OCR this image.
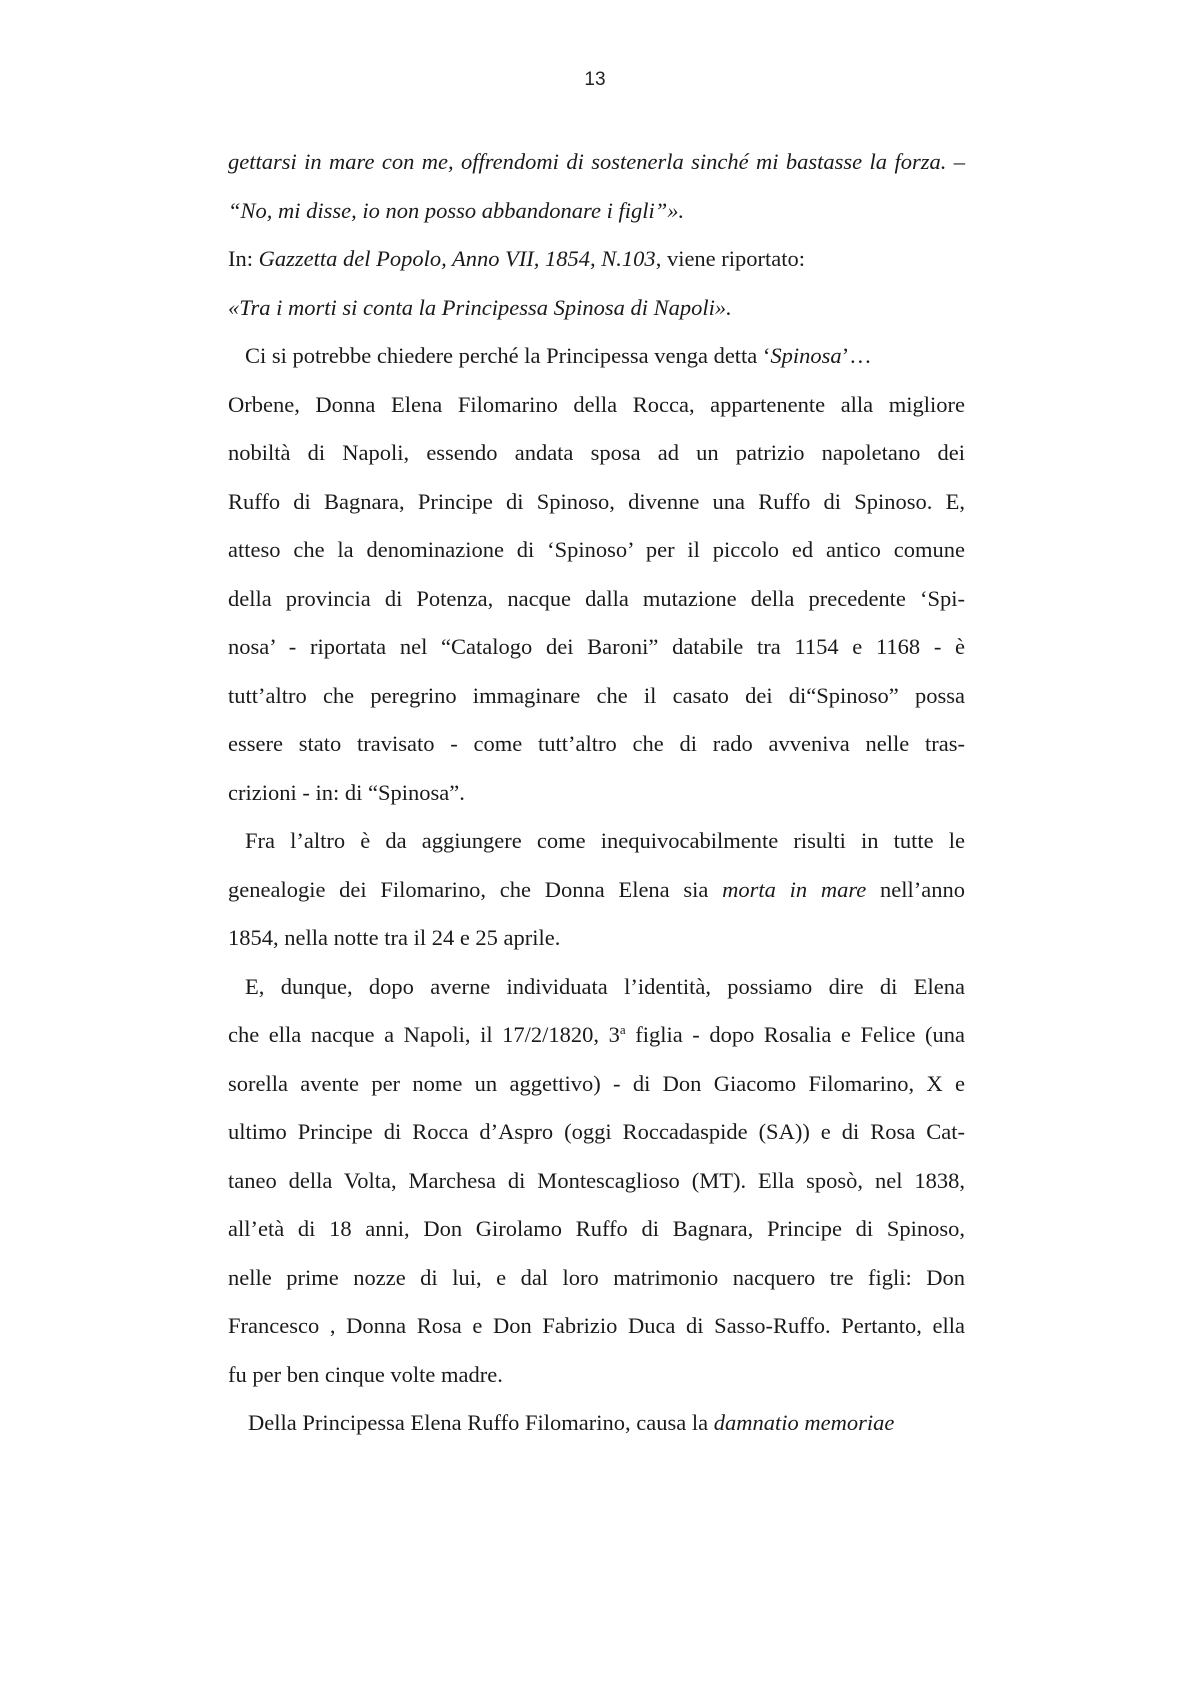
13
gettarsi in mare con me, offrendomi di sostenerla sinché mi bastasse la forza. –
“No, mi disse, io non posso abbandonare i figli”».
In: Gazzetta del Popolo, Anno VII, 1854, N.103, viene riportato:
«Tra i morti si conta la Principessa Spinosa di Napoli».
Ci si potrebbe chiedere perché la Principessa venga detta ‘Spinosa’…
Orbene, Donna Elena Filomarino della Rocca, appartenente alla migliore
nobiltà di Napoli, essendo andata sposa ad un patrizio napoletano dei
Ruffo di Bagnara, Principe di Spinoso, divenne una Ruffo di Spinoso. E,
atteso che la denominazione di ‘Spinoso’ per il piccolo ed antico comune
della provincia di Potenza, nacque dalla mutazione della precedente ‘Spi-
nosa’ - riportata nel “Catalogo dei Baroni” databile tra 1154 e 1168 - è
tutt’altro che peregrino immaginare che il casato dei di“Spinoso” possa
essere stato travisato - come tutt’altro che di rado avveniva nelle tras-
crizioni - in: di “Spinosa”.
Fra l’altro è da aggiungere come inequivocabilmente risulti in tutte le
genealogie dei Filomarino, che Donna Elena sia morta in mare nell’anno
1854, nella notte tra il 24 e 25 aprile.
E, dunque, dopo averne individuata l’identità, possiamo dire di Elena
che ella nacque a Napoli, il 17/2/1820, 3$^a$ figlia - dopo Rosalia e Felice (una
sorella avente per nome un aggettivo) - di Don Giacomo Filomarino, X e
ultimo Principe di Rocca d’Aspro (oggi Roccadaspide (SA)) e di Rosa Cat-
taneo della Volta, Marchesa di Montescaglioso (MT). Ella sposò, nel 1838,
all’età di 18 anni, Don Girolamo Ruffo di Bagnara, Principe di Spinoso,
nelle prime nozze di lui, e dal loro matrimonio nacquero tre figli: Don
Francesco , Donna Rosa e Don Fabrizio Duca di Sasso-Ruffo. Pertanto, ella
fu per ben cinque volte madre.
Della Principessa Elena Ruffo Filomarino, causa la damnatio memoriae
